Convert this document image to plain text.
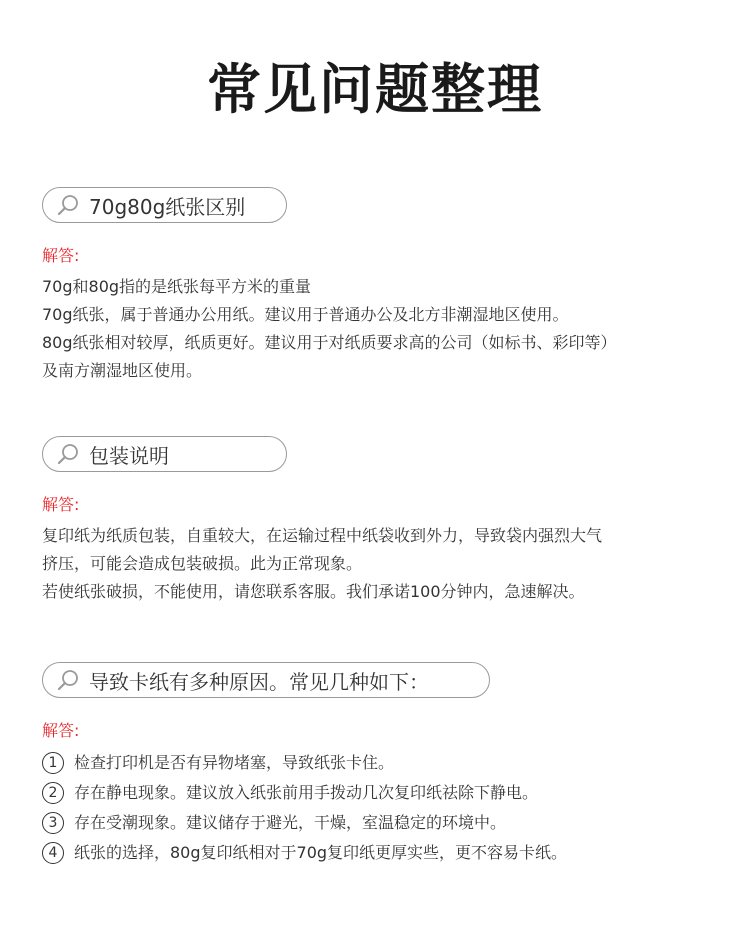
常见问题整理
70g80g纸张区别
解答:
70g和80g指的是纸张每平方米的重量
70g纸张，属于普通办公用纸。建议用于普通办公及北方非潮湿地区使用。
80g纸张相对较厚，纸质更好。建议用于对纸质要求高的公司（如标书、彩印等）
及南方潮湿地区使用。
包装说明
解答:
复印纸为纸质包装，自重较大，在运输过程中纸袋收到外力，导致袋内强烈大气
挤压，可能会造成包装破损。此为正常现象。
若使纸张破损，不能使用，请您联系客服。我们承诺100分钟内，急速解决。
导致卡纸有多种原因。常见几种如下：
解答:
1	检查打印机是否有异物堵塞，导致纸张卡住。
2	存在静电现象。建议放入纸张前用手拨动几次复印纸祛除下静电。
3	存在受潮现象。建议储存于避光，干燥，室温稳定的环境中。
4	纸张的选择，80g复印纸相对于70g复印纸更厚实些，更不容易卡纸。
